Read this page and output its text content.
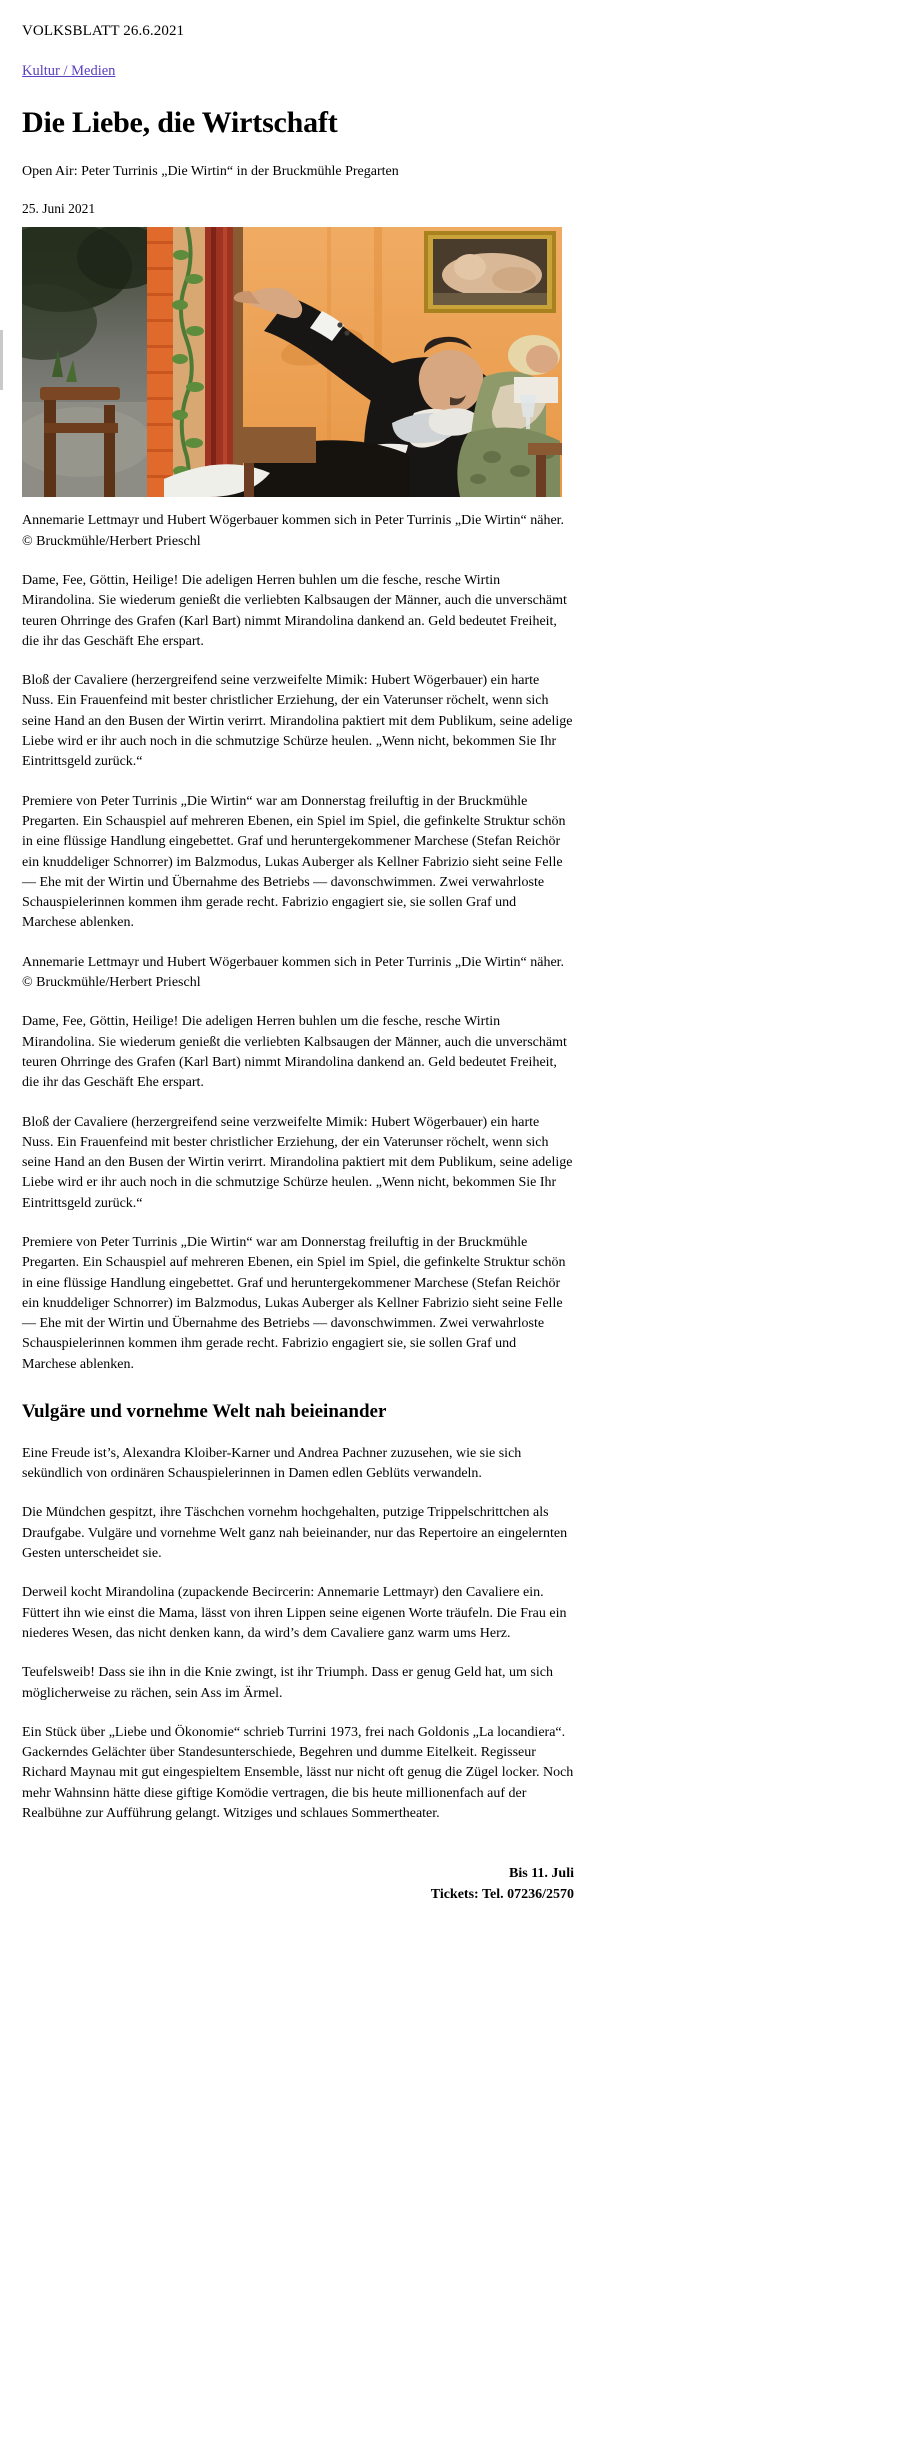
VOLKSBLATT 26.6.2021
Kultur / Medien
Die Liebe, die Wirtschaft
Open Air: Peter Turrinis „Die Wirtin“ in der Bruckmühle Pregarten
25. Juni 2021

Annemarie Lettmayr und Hubert Wögerbauer kommen sich in Peter Turrinis „Die Wirtin“ näher. © Bruckmühle/Herbert Prieschl

Dame, Fee, Göttin, Heilige! Die adeligen Herren buhlen um die fesche, resche Wirtin Mirandolina. Sie wiederum genießt die verliebten Kalbsaugen der Männer, auch die unverschämt teuren Ohrringe des Grafen (Karl Bart) nimmt Mirandolina dankend an. Geld bedeutet Freiheit, die ihr das Geschäft Ehe erspart.

Bloß der Cavaliere (herzergreifend seine verzweifelte Mimik: Hubert Wögerbauer) ein harte Nuss. Ein Frauenfeind mit bester christlicher Erziehung, der ein Vaterunser röchelt, wenn sich seine Hand an den Busen der Wirtin verirrt. Mirandolina paktiert mit dem Publikum, seine adelige Liebe wird er ihr auch noch in die schmutzige Schürze heulen. „Wenn nicht, bekommen Sie Ihr Eintrittsgeld zurück.“

Premiere von Peter Turrinis „Die Wirtin“ war am Donnerstag freiluftig in der Bruckmühle Pregarten. Ein Schauspiel auf mehreren Ebenen, ein Spiel im Spiel, die gefinkelte Struktur schön in eine flüssige Handlung eingebettet. Graf und heruntergekommener Marchese (Stefan Reichör ein knuddeliger Schnorrer) im Balzmodus, Lukas Auberger als Kellner Fabrizio sieht seine Felle — Ehe mit der Wirtin und Übernahme des Betriebs — davonschwimmen. Zwei verwahrloste Schauspielerinnen kommen ihm gerade recht. Fabrizio engagiert sie, sie sollen Graf und Marchese ablenken.

Annemarie Lettmayr und Hubert Wögerbauer kommen sich in Peter Turrinis „Die Wirtin“ näher. © Bruckmühle/Herbert Prieschl

Dame, Fee, Göttin, Heilige! Die adeligen Herren buhlen um die fesche, resche Wirtin Mirandolina. Sie wiederum genießt die verliebten Kalbsaugen der Männer, auch die unverschämt teuren Ohrringe des Grafen (Karl Bart) nimmt Mirandolina dankend an. Geld bedeutet Freiheit, die ihr das Geschäft Ehe erspart.

Bloß der Cavaliere (herzergreifend seine verzweifelte Mimik: Hubert Wögerbauer) ein harte Nuss. Ein Frauenfeind mit bester christlicher Erziehung, der ein Vaterunser röchelt, wenn sich seine Hand an den Busen der Wirtin verirrt. Mirandolina paktiert mit dem Publikum, seine adelige Liebe wird er ihr auch noch in die schmutzige Schürze heulen. „Wenn nicht, bekommen Sie Ihr Eintrittsgeld zurück.“

Premiere von Peter Turrinis „Die Wirtin“ war am Donnerstag freiluftig in der Bruckmühle Pregarten. Ein Schauspiel auf mehreren Ebenen, ein Spiel im Spiel, die gefinkelte Struktur schön in eine flüssige Handlung eingebettet. Graf und heruntergekommener Marchese (Stefan Reichör ein knuddeliger Schnorrer) im Balzmodus, Lukas Auberger als Kellner Fabrizio sieht seine Felle — Ehe mit der Wirtin und Übernahme des Betriebs — davonschwimmen. Zwei verwahrloste Schauspielerinnen kommen ihm gerade recht. Fabrizio engagiert sie, sie sollen Graf und Marchese ablenken.

Vulgäre und vornehme Welt nah beieinander

Eine Freude ist’s, Alexandra Kloiber-Karner und Andrea Pachner zuzusehen, wie sie sich sekündlich von ordinären Schauspielerinnen in Damen edlen Geblüts verwandeln.

Die Mündchen gespitzt, ihre Täschchen vornehm hochgehalten, putzige Trippelschrittchen als Draufgabe. Vulgäre und vornehme Welt ganz nah beieinander, nur das Repertoire an eingelernten Gesten unterscheidet sie.

Derweil kocht Mirandolina (zupackende Becircerin: Annemarie Lettmayr) den Cavaliere ein. Füttert ihn wie einst die Mama, lässt von ihren Lippen seine eigenen Worte träufeln. Die Frau ein niederes Wesen, das nicht denken kann, da wird’s dem Cavaliere ganz warm ums Herz.

Teufelsweib! Dass sie ihn in die Knie zwingt, ist ihr Triumph. Dass er genug Geld hat, um sich möglicherweise zu rächen, sein Ass im Ärmel.

Ein Stück über „Liebe und Ökonomie“ schrieb Turrini 1973, frei nach Goldonis „La locandiera“. Gackerndes Gelächter über Standesunterschiede, Begehren und dumme Eitelkeit. Regisseur Richard Maynau mit gut eingespieltem Ensemble, lässt nur nicht oft genug die Zügel locker. Noch mehr Wahnsinn hätte diese giftige Komödie vertragen, die bis heute millionenfach auf der Realbühne zur Aufführung gelangt. Witziges und schlaues Sommertheater.

Bis 11. Juli
Tickets: Tel. 07236/2570
